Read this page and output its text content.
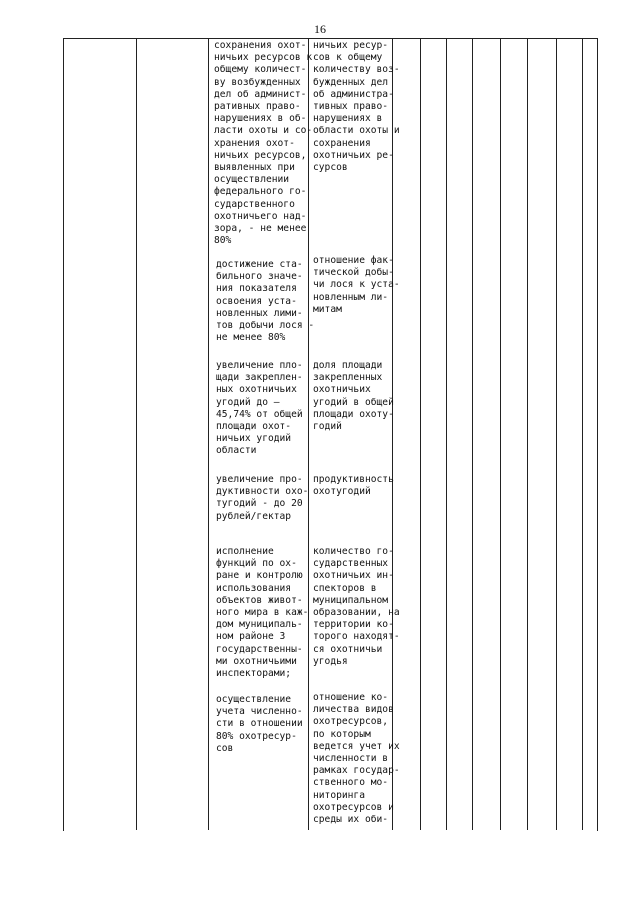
16
сохранения охот-
ничьих ресурсов к
общему количест-
ву возбужденных
дел об админист-
ративных право-
нарушениях в об-
ласти охоты и со-
хранения охот-
ничьих ресурсов,
выявленных при
осуществлении
федерального го-
сударственного
охотничьего над-
зора, - не менее
80%
ничьих ресур-
сов к общему
количеству воз-
бужденных дел
об администра-
тивных право-
нарушениях в
области охоты и
сохранения
охотничьих ре-
сурсов
достижение ста-
бильного значе-
ния показателя
освоения уста-
новленных лими-
тов добычи лося -
не менее 80%
отношение фак-
тической добы-
чи лося к уста-
новленным ли-
митам
увеличение пло-
щади закреплен-
ных охотничьих
угодий до –
45,74% от общей
площади охот-
ничьих угодий
области
доля площади
закрепленных
охотничьих
угодий в общей
площади охоту-
годий
увеличение про-
дуктивности охо-
тугодий - до 20
рублей/гектар
продуктивность
охотугодий
исполнение
функций по ох-
ране и контролю
использования
объектов живот-
ного мира в каж-
дом муниципаль-
ном районе 3
государственны-
ми охотничьими
инспекторами;
количество го-
сударственных
охотничьих ин-
спекторов в
муниципальном
образовании, на
территории ко-
торого находят-
ся охотничьи
угодья
осуществление
учета численно-
сти в отношении
80% охотресур-
сов
отношение ко-
личества видов
охотресурсов,
по которым
ведется учет их
численности в
рамках государ-
ственного мо-
ниторинга
охотресурсов и
среды их оби-
